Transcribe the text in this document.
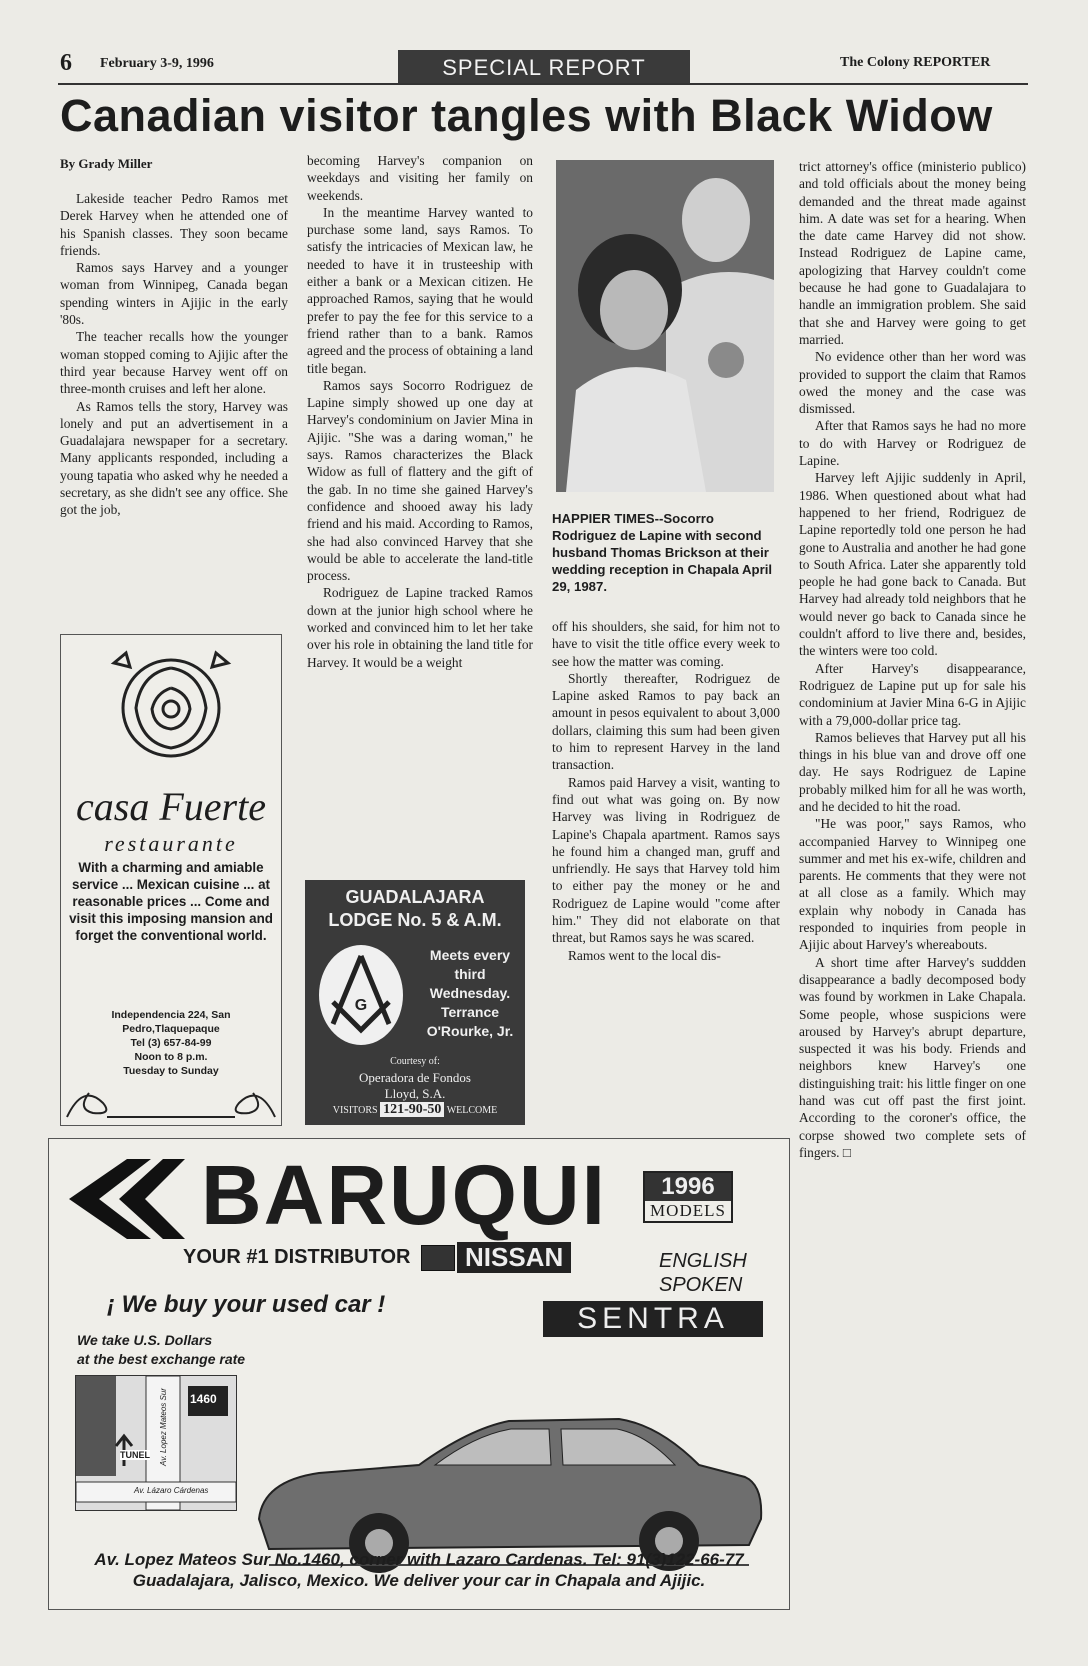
6 February 3-9, 1996	SPECIAL REPORT	The Colony REPORTER
Canadian visitor tangles with Black Widow
By Grady Miller

Lakeside teacher Pedro Ramos met Derek Harvey when he attended one of his Spanish classes. They soon became friends.

Ramos says Harvey and a younger woman from Winnipeg, Canada began spending winters in Ajijic in the early '80s.

The teacher recalls how the younger woman stopped coming to Ajijic after the third year because Harvey went off on three-month cruises and left her alone.

As Ramos tells the story, Harvey was lonely and put an advertisement in a Guadalajara newspaper for a secretary. Many applicants responded, including a young tapatia who asked why he needed a secretary, as she didn't see any office. She got the job,

becoming Harvey's companion on weekdays and visiting her family on weekends.

In the meantime Harvey wanted to purchase some land, says Ramos. To satisfy the intricacies of Mexican law, he needed to have it in trusteeship with either a bank or a Mexican citizen. He approached Ramos, saying that he would prefer to pay the fee for this service to a friend rather than to a bank. Ramos agreed and the process of obtaining a land title began.

Ramos says Socorro Rodriguez de Lapine simply showed up one day at Harvey's condominium on Javier Mina in Ajijic. "She was a daring woman," he says. Ramos characterizes the Black Widow as full of flattery and the gift of the gab. In no time she gained Harvey's confidence and shooed away his lady friend and his maid. According to Ramos, she had also convinced Harvey that she would be able to accelerate the land-title process.

Rodriguez de Lapine tracked Ramos down at the junior high school where he worked and convinced him to let her take over his role in obtaining the land title for Harvey. It would be a weight

off his shoulders, she said, for him not to have to visit the title office every week to see how the matter was coming.

Shortly thereafter, Rodriguez de Lapine asked Ramos to pay back an amount in pesos equivalent to about 3,000 dollars, claiming this sum had been given to him to represent Harvey in the land transaction.

Ramos paid Harvey a visit, wanting to find out what was going on. By now Harvey was living in Rodriguez de Lapine's Chapala apartment. Ramos says he found him a changed man, gruff and unfriendly. He says that Harvey told him to either pay the money or he and Rodriguez de Lapine would "come after him." They did not elaborate on that threat, but Ramos says he was scared.

Ramos went to the local dis-

trict attorney's office (ministerio publico) and told officials about the money being demanded and the threat made against him. A date was set for a hearing. When the date came Harvey did not show. Instead Rodriguez de Lapine came, apologizing that Harvey couldn't come because he had gone to Guadalajara to handle an immigration problem. She said that she and Harvey were going to get married.

No evidence other than her word was provided to support the claim that Ramos owed the money and the case was dismissed.

After that Ramos says he had no more to do with Harvey or Rodriguez de Lapine.

Harvey left Ajijic suddenly in April, 1986. When questioned about what had happened to her friend, Rodriguez de Lapine reportedly told one person he had gone to Australia and another he had gone to South Africa. Later she apparently told people he had gone back to Canada. But Harvey had already told neighbors that he would never go back to Canada since he couldn't afford to live there and, besides, the winters were too cold.

After Harvey's disappearance, Rodriguez de Lapine put up for sale his condominium at Javier Mina 6-G in Ajijic with a 79,000-dollar price tag.

Ramos believes that Harvey put all his things in his blue van and drove off one day. He says Rodriguez de Lapine probably milked him for all he was worth, and he decided to hit the road.

"He was poor," says Ramos, who accompanied Harvey to Winnipeg one summer and met his ex-wife, children and parents. He comments that they were not at all close as a family. Which may explain why nobody in Canada has responded to inquiries from people in Ajijic about Harvey's whereabouts.

A short time after Harvey's suddden disappearance a badly decomposed body was found by workmen in Lake Chapala. Some people, whose suspicions were aroused by Harvey's abrupt departure, suspected it was his body. Friends and neighbors knew Harvey's one distinguishing trait: his little finger on one hand was cut off past the first joint. According to the coroner's office, the corpse showed two complete sets of fingers. □

HAPPIER TIMES--Socorro Rodriguez de Lapine with second husband Thomas Brickson at their wedding reception in Chapala April 29, 1987.
casa Fuerte
restaurante
With a charming and amiable service ... Mexican cuisine ... at reasonable prices ... Come and visit this imposing mansion and forget the conventional world.
Independencia 224, San Pedro,Tlaquepaque
Tel (3) 657-84-99
Noon to 8 p.m.
Tuesday to Sunday
GUADALAJARA
LODGE No. 5 & A.M.
G
Meets every third Wednesday. Terrance O'Rourke, Jr.
Courtesy of:
Operadora de Fondos
Lloyd, S.A.
VISITORS 121-90-50 WELCOME
BARUQUI	1996
MODELS
YOUR #1 DISTRIBUTOR	NISSAN	ENGLISH
SPOKEN
¡ We buy your used car !	SENTRA
We take U.S. Dollars
at the best exchange rate
1460
TUNEL Av. Lopez Mateos Sur
Av. Lázaro Cárdenas
Av. Lopez Mateos Sur No.1460, corner with Lazaro Cardenas. Tel: 91(3)122-66-77
Guadalajara, Jalisco, Mexico. We deliver your car in Chapala and Ajijic.
